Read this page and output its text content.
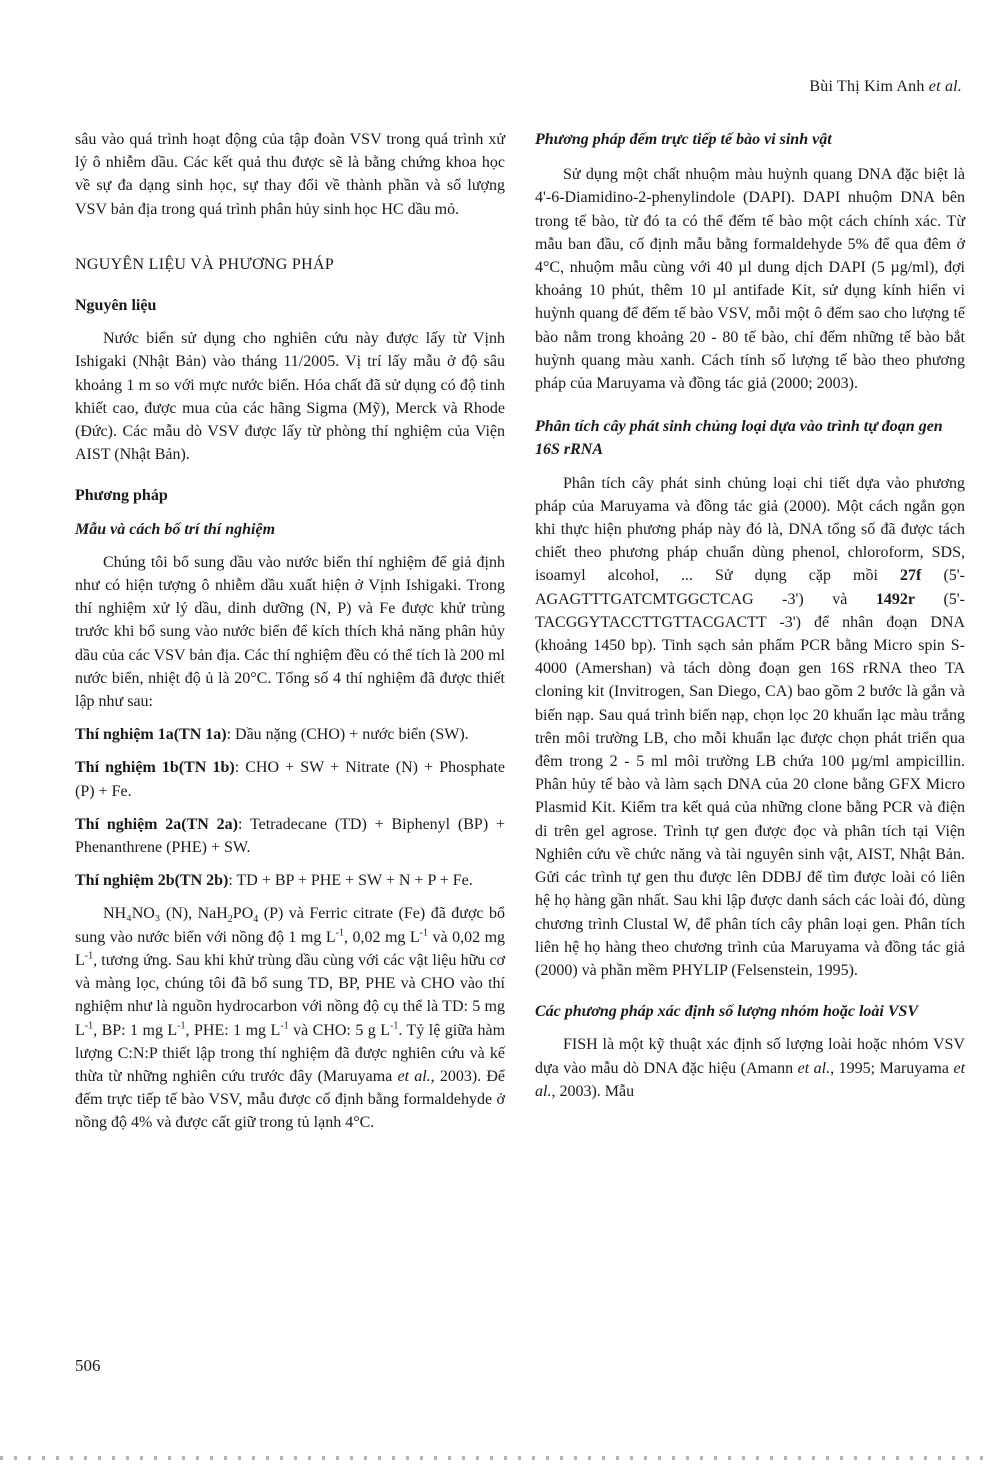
Bùi Thị Kim Anh et al.

sâu vào quá trình hoạt động của tập đoàn VSV trong quá trình xử lý ô nhiễm dầu. Các kết quả thu được sẽ là bằng chứng khoa học về sự đa dạng sinh học, sự thay đổi về thành phần và số lượng VSV bản địa trong quá trình phân hủy sinh học HC dầu mỏ.

NGUYÊN LIỆU VÀ PHƯƠNG PHÁP

Nguyên liệu

Nước biển sử dụng cho nghiên cứu này được lấy từ Vịnh Ishigaki (Nhật Bản) vào tháng 11/2005. Vị trí lấy mẫu ở độ sâu khoảng 1 m so với mực nước biển. Hóa chất đã sử dụng có độ tinh khiết cao, được mua của các hãng Sigma (Mỹ), Merck và Rhode (Đức). Các mẫu dò VSV được lấy từ phòng thí nghiệm của Viện AIST (Nhật Bản).

Phương pháp

Mẫu và cách bố trí thí nghiệm

Chúng tôi bổ sung dầu vào nước biển thí nghiệm để giả định như có hiện tượng ô nhiễm dầu xuất hiện ở Vịnh Ishigaki. Trong thí nghiệm xử lý dầu, dinh dưỡng (N, P) và Fe được khử trùng trước khi bổ sung vào nước biển để kích thích khả năng phân hủy dầu của các VSV bản địa. Các thí nghiệm đều có thể tích là 200 ml nước biển, nhiệt độ ủ là 20°C. Tổng số 4 thí nghiệm đã được thiết lập như sau:

Thí nghiệm 1a(TN 1a): Dầu nặng (CHO) + nước biển (SW).

Thí nghiệm 1b(TN 1b): CHO + SW + Nitrate (N) + Phosphate (P) + Fe.

Thí nghiệm 2a(TN 2a): Tetradecane (TD) + Biphenyl (BP) + Phenanthrene (PHE) + SW.

Thí nghiệm 2b(TN 2b): TD + BP + PHE + SW + N + P + Fe.

NH₄NO₃ (N), $NaH_2PO_4$ (P) và Ferric citrate (Fe) đã được bổ sung vào nước biển với nồng độ 1 mg $L^{-1}$, 0,02 mg $L^{-1}$ và 0,02 mg $L^{-1}$, tương ứng. Sau khi khử trùng dầu cùng với các vật liệu hữu cơ và màng lọc, chúng tôi đã bổ sung TD, BP, PHE và CHO vào thí nghiệm như là nguồn hydrocarbon với nồng độ cụ thể là TD: 5 mg $L^{-1}$, BP: 1 mg $L^{-1}$, PHE: 1 mg $L^{-1}$ và CHO: 5 g $L^{-1}$. Tỷ lệ giữa hàm lượng C:N:P thiết lập trong thí nghiệm đã được nghiên cứu và kế thừa từ những nghiên cứu trước đây (Maruyama et al., 2003). Để đếm trực tiếp tế bào VSV, mẫu được cố định bằng formaldehyde ở nồng độ 4% và được cất giữ trong tủ lạnh 4°C.

Phương pháp đếm trực tiếp tế bào vi sinh vật

Sử dụng một chất nhuộm màu huỳnh quang DNA đặc biệt là 4'-6-Diamidino-2-phenylindole (DAPI). DAPI nhuộm DNA bên trong tế bào, từ đó ta có thể đếm tế bào một cách chính xác. Từ mẫu ban đầu, cố định mẫu bằng formaldehyde 5% để qua đêm ở 4°C, nhuộm mẫu cùng với 40 µl dung dịch DAPI (5 µg/ml), đợi khoảng 10 phút, thêm 10 µl antifade Kit, sử dụng kính hiển vi huỳnh quang để đếm tế bào VSV, mỗi một ô đếm sao cho lượng tế bào nằm trong khoảng 20 - 80 tế bào, chỉ đếm những tế bào bắt huỳnh quang màu xanh. Cách tính số lượng tế bào theo phương pháp của Maruyama và đồng tác giả (2000; 2003).

Phân tích cây phát sinh chủng loại dựa vào trình tự đoạn gen 16S rRNA

Phân tích cây phát sinh chủng loại chi tiết dựa vào phương pháp của Maruyama và đồng tác giả (2000). Một cách ngắn gọn khi thực hiện phương pháp này đó là, DNA tổng số đã được tách chiết theo phương pháp chuẩn dùng phenol, chloroform, SDS, isoamyl alcohol, ... Sử dụng cặp mồi 27f (5'-AGAGTTTGATCMTGGCTCAG -3') và 1492r (5'-TACGGYTACCTTGTTACGACTT -3') để nhân đoạn DNA (khoảng 1450 bp). Tinh sạch sản phẩm PCR bằng Micro spin S-4000 (Amershan) và tách dòng đoạn gen 16S rRNA theo TA cloning kit (Invitrogen, San Diego, CA) bao gồm 2 bước là gắn và biến nạp. Sau quá trình biến nạp, chọn lọc 20 khuẩn lạc màu trắng trên môi trường LB, cho mỗi khuẩn lạc được chọn phát triển qua đêm trong 2 - 5 ml môi trường LB chứa 100 µg/ml ampicillin. Phân hủy tế bào và làm sạch DNA của 20 clone bằng GFX Micro Plasmid Kit. Kiểm tra kết quả của những clone bằng PCR và điện di trên gel agrose. Trình tự gen được đọc và phân tích tại Viện Nghiên cứu về chức năng và tài nguyên sinh vật, AIST, Nhật Bản. Gửi các trình tự gen thu được lên DDBJ để tìm được loài có liên hệ họ hàng gần nhất. Sau khi lập được danh sách các loài đó, dùng chương trình Clustal W, để phân tích cây phân loại gen. Phân tích liên hệ họ hàng theo chương trình của Maruyama và đồng tác giả (2000) và phần mềm PHYLIP (Felsenstein, 1995).

Các phương pháp xác định số lượng nhóm hoặc loài VSV

FISH là một kỹ thuật xác định số lượng loài hoặc nhóm VSV dựa vào mẫu dò DNA đặc hiệu (Amann et al., 1995; Maruyama et al., 2003). Mẫu

506
